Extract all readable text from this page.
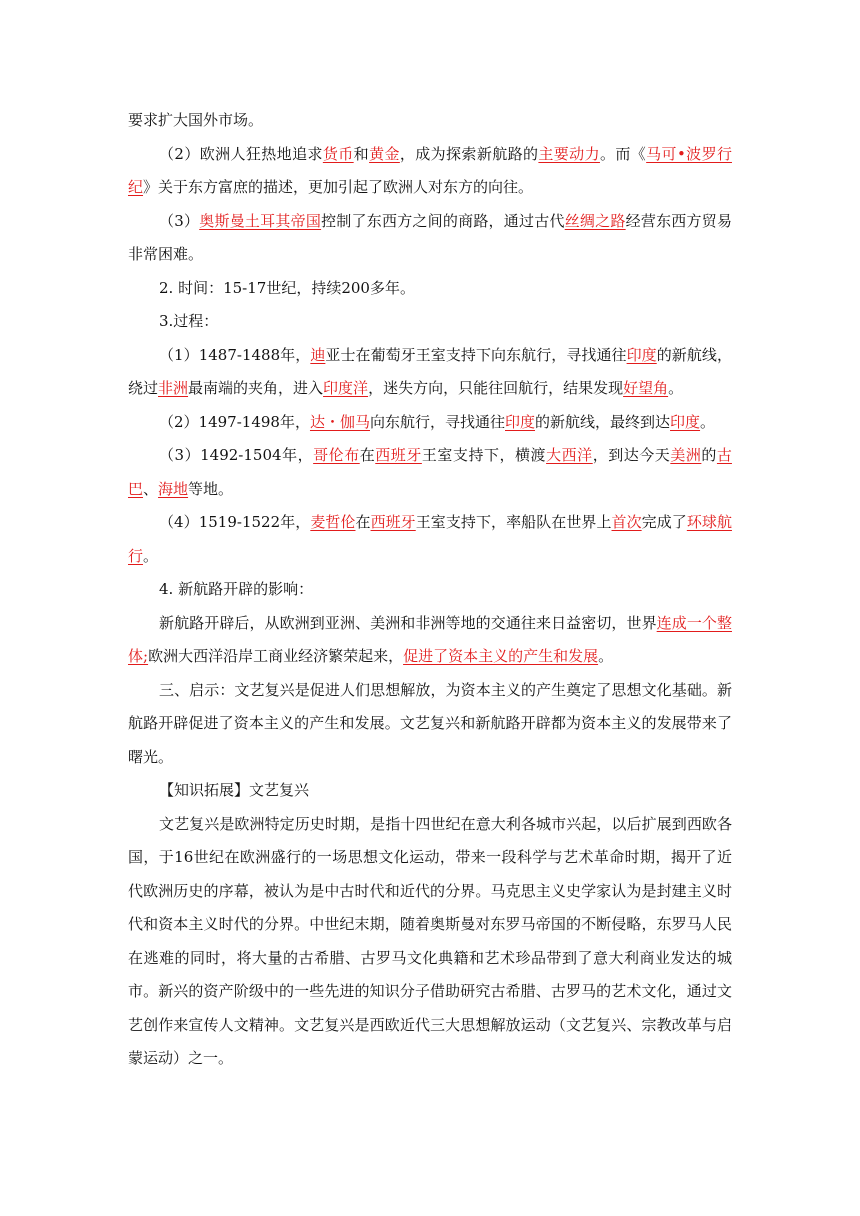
要求扩大国外市场。

（2）欧洲人狂热地追求货币和黄金，成为探索新航路的主要动力。而《马可•波罗行纪》关于东方富庶的描述，更加引起了欧洲人对东方的向往。

（3）奥斯曼土耳其帝国控制了东西方之间的商路，通过古代丝绸之路经营东西方贸易非常困难。

2. 时间：15-17世纪，持续200多年。

3.过程：

（1）1487-1488年，迪亚士在葡萄牙王室支持下向东航行，寻找通往印度的新航线，绕过非洲最南端的夹角，进入印度洋，迷失方向，只能往回航行，结果发现好望角。

（2）1497-1498年，达・伽马向东航行，寻找通往印度的新航线，最终到达印度。

（3）1492-1504年，哥伦布在西班牙王室支持下，横渡大西洋，到达今天美洲的古巴、海地等地。

（4）1519-1522年，麦哲伦在西班牙王室支持下，率船队在世界上首次完成了环球航行。

4. 新航路开辟的影响：

新航路开辟后，从欧洲到亚洲、美洲和非洲等地的交通往来日益密切，世界连成一个整体;欧洲大西洋沿岸工商业经济繁荣起来，促进了资本主义的产生和发展。

三、启示：文艺复兴是促进人们思想解放，为资本主义的产生奠定了思想文化基础。新航路开辟促进了资本主义的产生和发展。文艺复兴和新航路开辟都为资本主义的发展带来了曙光。

【知识拓展】文艺复兴

文艺复兴是欧洲特定历史时期，是指十四世纪在意大利各城市兴起，以后扩展到西欧各国，于16世纪在欧洲盛行的一场思想文化运动，带来一段科学与艺术革命时期，揭开了近代欧洲历史的序幕，被认为是中古时代和近代的分界。马克思主义史学家认为是封建主义时代和资本主义时代的分界。中世纪末期，随着奥斯曼对东罗马帝国的不断侵略，东罗马人民在逃难的同时，将大量的古希腊、古罗马文化典籍和艺术珍品带到了意大利商业发达的城市。新兴的资产阶级中的一些先进的知识分子借助研究古希腊、古罗马的艺术文化，通过文艺创作来宣传人文精神。文艺复兴是西欧近代三大思想解放运动（文艺复兴、宗教改革与启蒙运动）之一。
